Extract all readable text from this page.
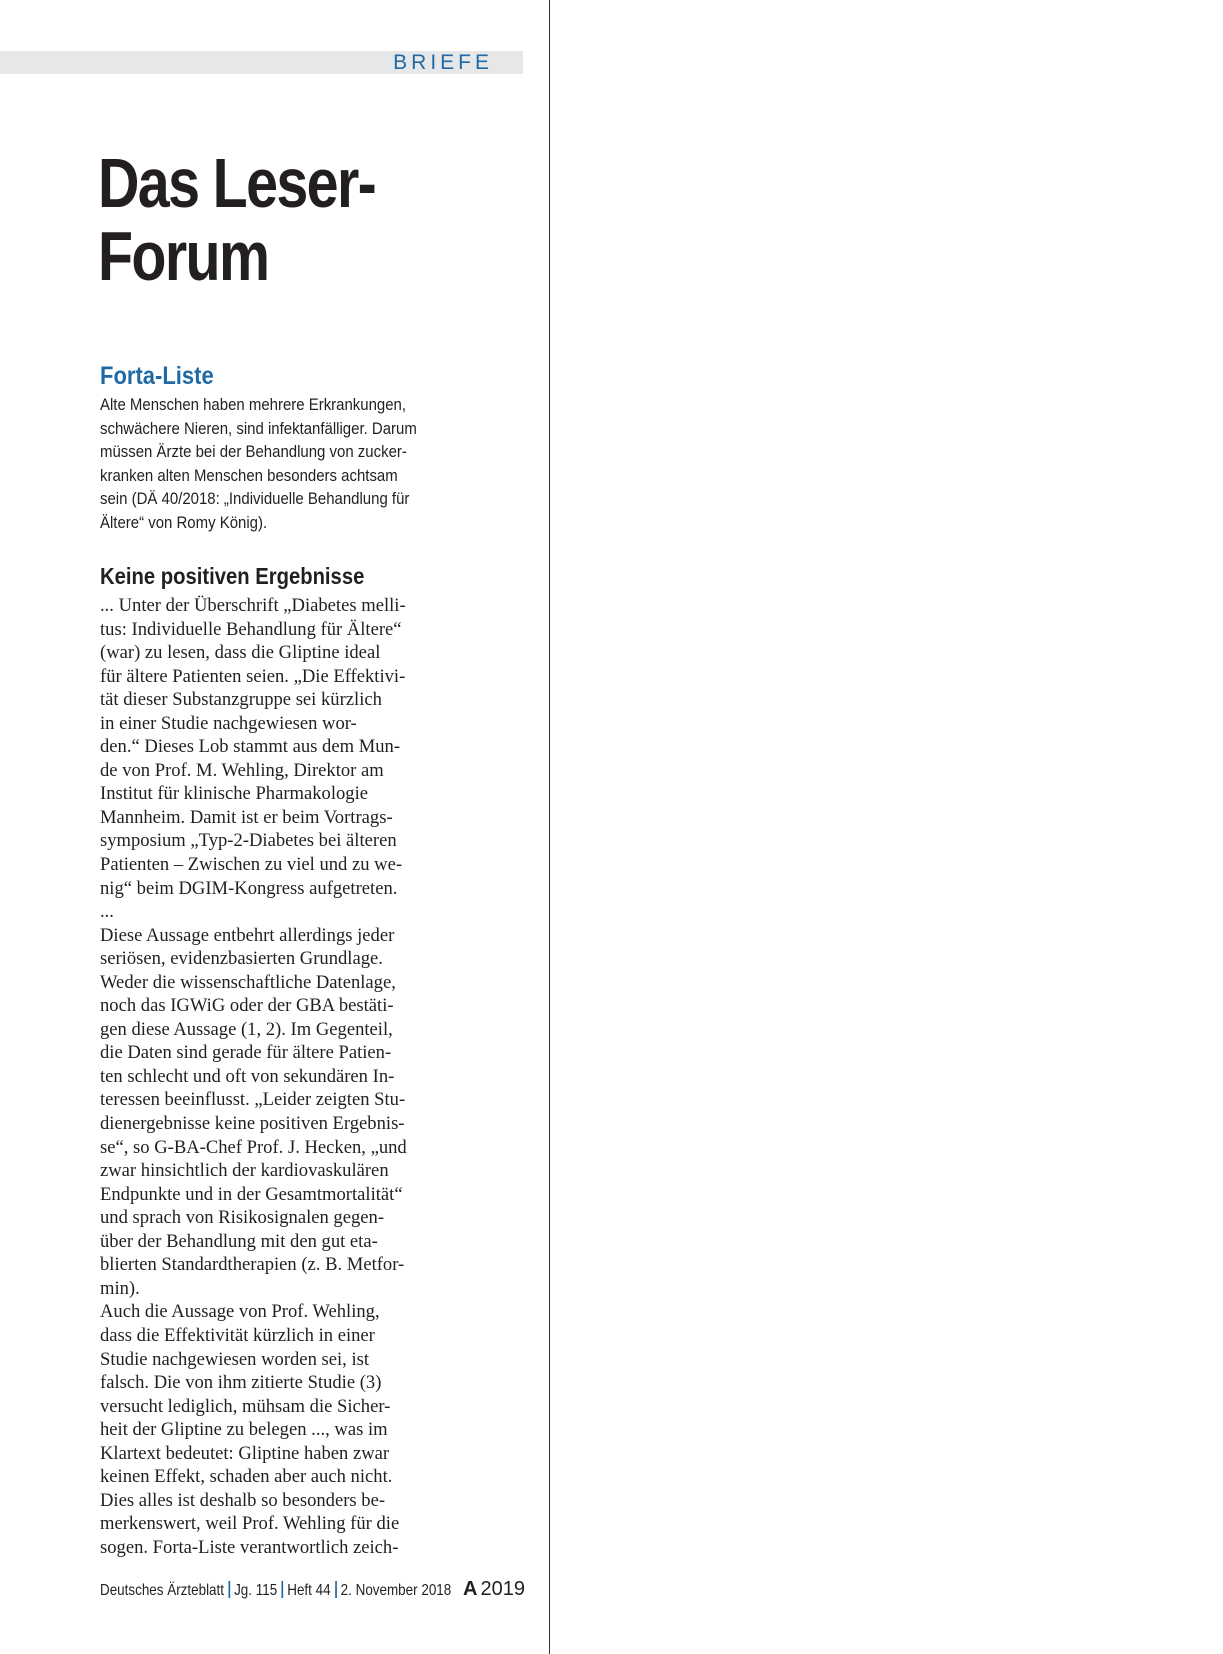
BRIEFE
Das Leser-
Forum
Forta-Liste
Alte Menschen haben mehrere Erkrankungen,
schwächere Nieren, sind infektanfälliger. Darum
müssen Ärzte bei der Behandlung von zucker-
kranken alten Menschen besonders achtsam
sein (DÄ 40/2018: „Individuelle Behandlung für
Ältere“ von Romy König).
Keine positiven Ergebnisse
... Unter der Überschrift „Diabetes melli-
tus: Individuelle Behandlung für Ältere“
(war) zu lesen, dass die Gliptine ideal
für ältere Patienten seien. „Die Effektivi-
tät dieser Substanzgruppe sei kürzlich
in einer Studie nachgewiesen wor-
den.“ Dieses Lob stammt aus dem Mun-
de von Prof. M. Wehling, Direktor am
Institut für klinische Pharmakologie
Mannheim. Damit ist er beim Vortrags-
symposium „Typ-2-Diabetes bei älteren
Patienten – Zwischen zu viel und zu we-
nig“ beim DGIM-Kongress aufgetreten.
...
Diese Aussage entbehrt allerdings jeder
seriösen, evidenzbasierten Grundlage.
Weder die wissenschaftliche Datenlage,
noch das IGWiG oder der GBA bestäti-
gen diese Aussage (1, 2). Im Gegenteil,
die Daten sind gerade für ältere Patien-
ten schlecht und oft von sekundären In-
teressen beeinflusst. „Leider zeigten Stu-
dienergebnisse keine positiven Ergebnis-
se“, so G-BA-Chef Prof. J. Hecken, „und
zwar hinsichtlich der kardiovaskulären
Endpunkte und in der Gesamtmortalität“
und sprach von Risikosignalen gegen-
über der Behandlung mit den gut eta-
blierten Standardtherapien (z. B. Metfor-
min).
Auch die Aussage von Prof. Wehling,
dass die Effektivität kürzlich in einer
Studie nachgewiesen worden sei, ist
falsch. Die von ihm zitierte Studie (3)
versucht lediglich, mühsam die Sicher-
heit der Gliptine zu belegen ..., was im
Klartext bedeutet: Gliptine haben zwar
keinen Effekt, schaden aber auch nicht.
Dies alles ist deshalb so besonders be-
merkenswert, weil Prof. Wehling für die
sogen. Forta-Liste verantwortlich zeich-
Deutsches Ärzteblatt Jg. 115 Heft 44 2. November 2018 A 2019
